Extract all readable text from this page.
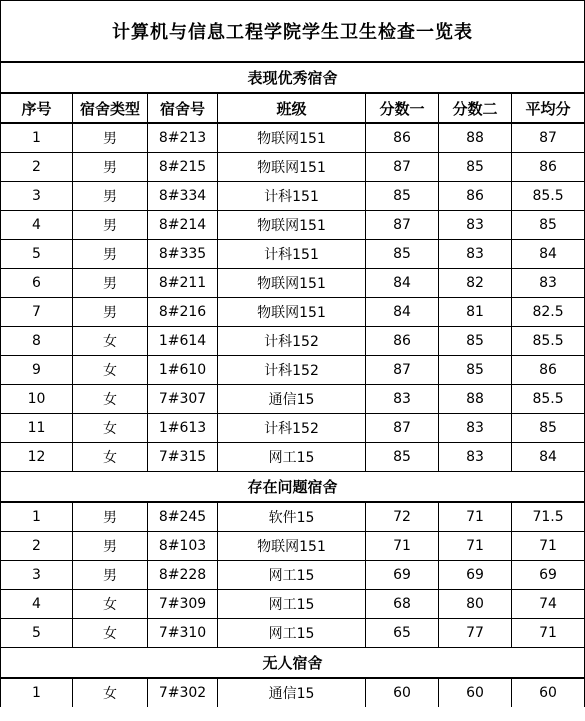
计算机与信息工程学院学生卫生检查一览表						
表现优秀宿舍						
序号	宿舍类型	宿舍号	班级	分数一	分数二	平均分
1	男	8#213	物联网151	86	88	87
2	男	8#215	物联网151	87	85	86
3	男	8#334	计科151	85	86	85.5
4	男	8#214	物联网151	87	83	85
5	男	8#335	计科151	85	83	84
6	男	8#211	物联网151	84	82	83
7	男	8#216	物联网151	84	81	82.5
8	女	1#614	计科152	86	85	85.5
9	女	1#610	计科152	87	85	86
10	女	7#307	通信15	83	88	85.5
11	女	1#613	计科152	87	83	85
12	女	7#315	网工15	85	83	84
存在问题宿舍						
1	男	8#245	软件15	72	71	71.5
2	男	8#103	物联网151	71	71	71
3	男	8#228	网工15	69	69	69
4	女	7#309	网工15	68	80	74
5	女	7#310	网工15	65	77	71
无人宿舍						
1	女	7#302	通信15	60	60	60
